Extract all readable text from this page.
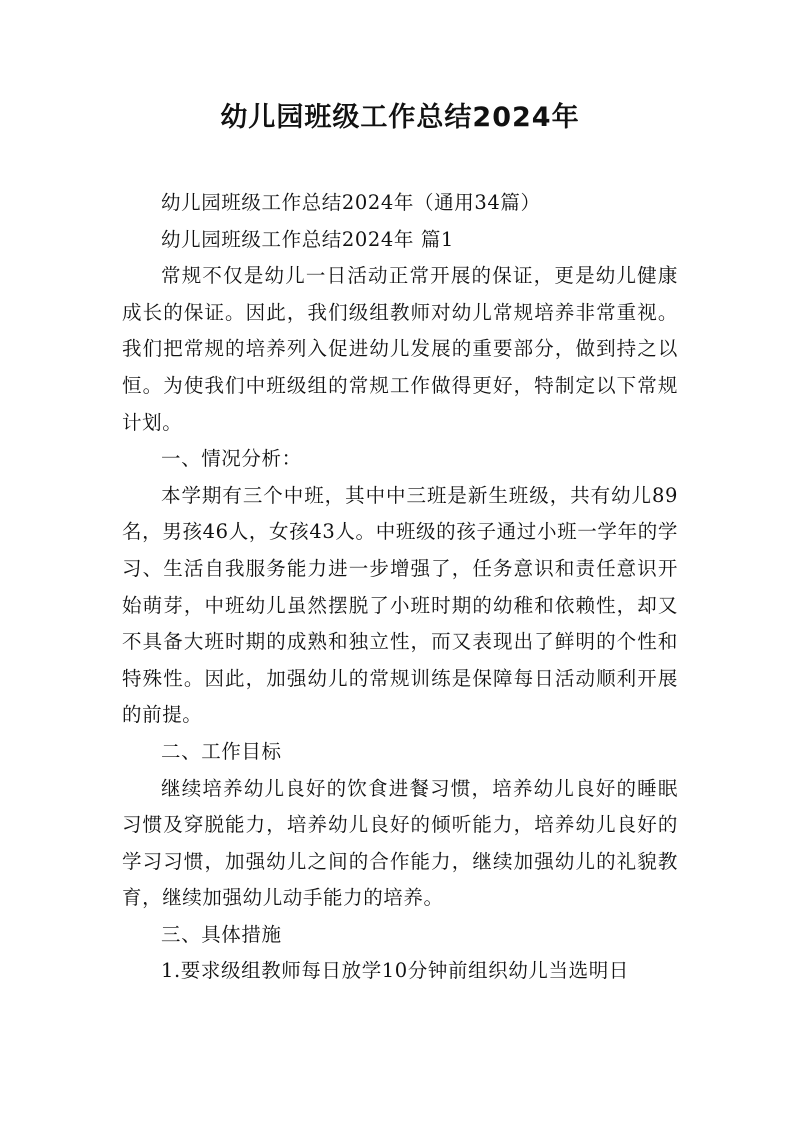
幼儿园班级工作总结2024年

幼儿园班级工作总结2024年（通用34篇）

幼儿园班级工作总结2024年 篇1

常规不仅是幼儿一日活动正常开展的保证，更是幼儿健康成长的保证。因此，我们级组教师对幼儿常规培养非常重视。我们把常规的培养列入促进幼儿发展的重要部分，做到持之以恒。为使我们中班级组的常规工作做得更好，特制定以下常规计划。

一、情况分析：

本学期有三个中班，其中中三班是新生班级，共有幼儿89名，男孩46人，女孩43人。中班级的孩子通过小班一学年的学习、生活自我服务能力进一步增强了，任务意识和责任意识开始萌芽，中班幼儿虽然摆脱了小班时期的幼稚和依赖性，却又不具备大班时期的成熟和独立性，而又表现出了鲜明的个性和特殊性。因此，加强幼儿的常规训练是保障每日活动顺利开展的前提。

二、工作目标

继续培养幼儿良好的饮食进餐习惯，培养幼儿良好的睡眠习惯及穿脱能力，培养幼儿良好的倾听能力，培养幼儿良好的学习习惯，加强幼儿之间的合作能力，继续加强幼儿的礼貌教育，继续加强幼儿动手能力的培养。

三、具体措施

1.要求级组教师每日放学10分钟前组织幼儿当选明日
